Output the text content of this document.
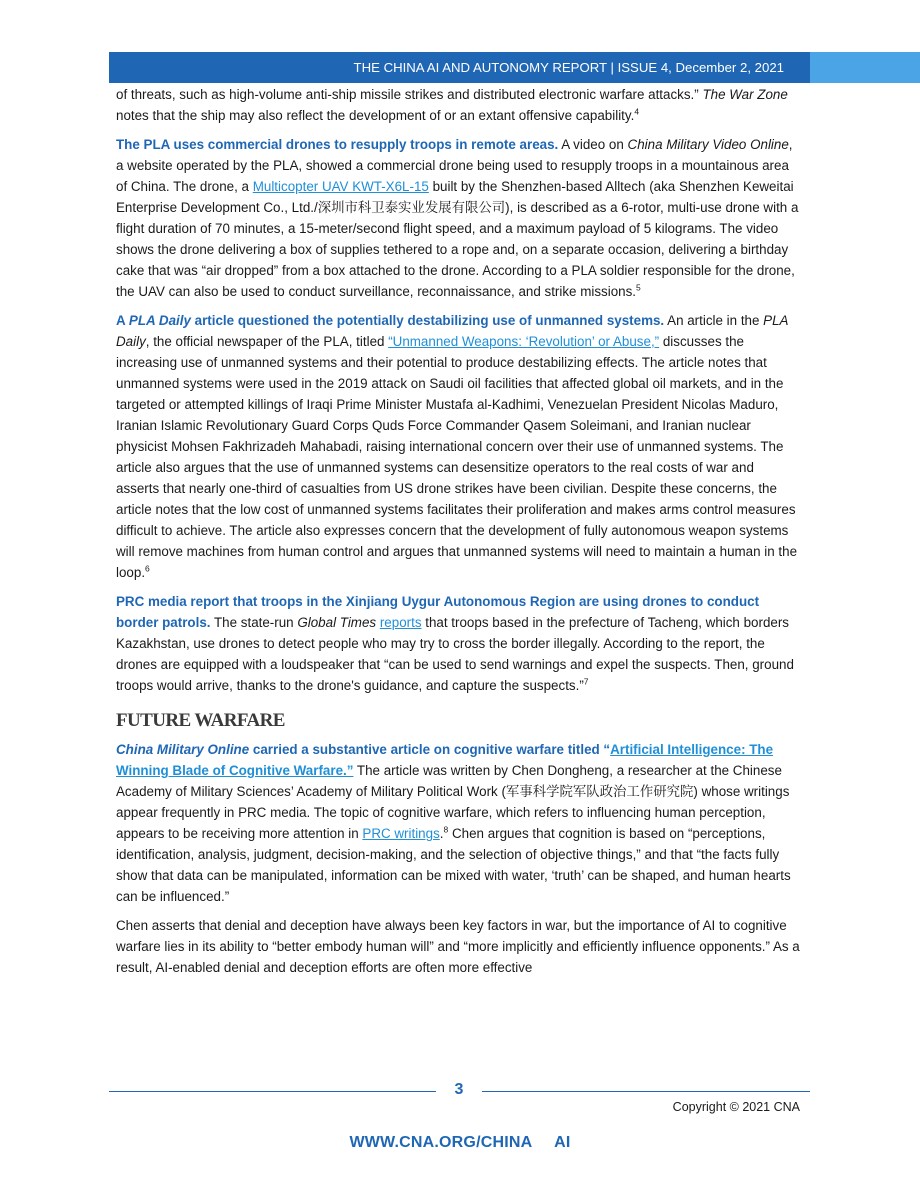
THE CHINA AI AND AUTONOMY REPORT | ISSUE 4, December 2, 2021

of threats, such as high-volume anti-ship missile strikes and distributed electronic warfare attacks.” The War Zone notes that the ship may also reflect the development of or an extant offensive capability.$^4$

The PLA uses commercial drones to resupply troops in remote areas. A video on China Military Video Online, a website operated by the PLA, showed a commercial drone being used to resupply troops in a mountainous area of China. The drone, a Multicopter UAV KWT-X6L-15 built by the Shenzhen-based Alltech (aka Shenzhen Keweitai Enterprise Development Co., Ltd./深圳市科卫泰实业发展有限公司), is described as a 6-rotor, multi-use drone with a flight duration of 70 minutes, a 15-meter/second flight speed, and a maximum payload of 5 kilograms. The video shows the drone delivering a box of supplies tethered to a rope and, on a separate occasion, delivering a birthday cake that was “air dropped” from a box attached to the drone. According to a PLA soldier responsible for the drone, the UAV can also be used to conduct surveillance, reconnaissance, and strike missions.$^5$

A PLA Daily article questioned the potentially destabilizing use of unmanned systems. An article in the PLA Daily, the official newspaper of the PLA, titled “Unmanned Weapons: ‘Revolution’ or Abuse,” discusses the increasing use of unmanned systems and their potential to produce destabilizing effects. The article notes that unmanned systems were used in the 2019 attack on Saudi oil facilities that affected global oil markets, and in the targeted or attempted killings of Iraqi Prime Minister Mustafa al-Kadhimi, Venezuelan President Nicolas Maduro, Iranian Islamic Revolutionary Guard Corps Quds Force Commander Qasem Soleimani, and Iranian nuclear physicist Mohsen Fakhrizadeh Mahabadi, raising international concern over their use of unmanned systems. The article also argues that the use of unmanned systems can desensitize operators to the real costs of war and asserts that nearly one-third of casualties from US drone strikes have been civilian. Despite these concerns, the article notes that the low cost of unmanned systems facilitates their proliferation and makes arms control measures difficult to achieve. The article also expresses concern that the development of fully autonomous weapon systems will remove machines from human control and argues that unmanned systems will need to maintain a human in the loop.$^6$

PRC media report that troops in the Xinjiang Uygur Autonomous Region are using drones to conduct border patrols. The state-run Global Times reports that troops based in the prefecture of Tacheng, which borders Kazakhstan, use drones to detect people who may try to cross the border illegally. According to the report, the drones are equipped with a loudspeaker that “can be used to send warnings and expel the suspects. Then, ground troops would arrive, thanks to the drone's guidance, and capture the suspects.”$^7$

FUTURE WARFARE

China Military Online carried a substantive article on cognitive warfare titled “Artificial Intelligence: The Winning Blade of Cognitive Warfare.” The article was written by Chen Dongheng, a researcher at the Chinese Academy of Military Sciences’ Academy of Military Political Work (军事科学院军队政治工作研究院) whose writings appear frequently in PRC media. The topic of cognitive warfare, which refers to influencing human perception, appears to be receiving more attention in PRC writings.$^8$ Chen argues that cognition is based on “perceptions, identification, analysis, judgment, decision-making, and the selection of objective things,” and that “the facts fully show that data can be manipulated, information can be mixed with water, ‘truth’ can be shaped, and human hearts can be influenced.”

Chen asserts that denial and deception have always been key factors in war, but the importance of AI to cognitive warfare lies in its ability to “better embody human will” and “more implicitly and efficiently influence opponents.” As a result, AI-enabled denial and deception efforts are often more effective

3
Copyright © 2021 CNA
WWW.CNA.ORG/CHINA   AI
